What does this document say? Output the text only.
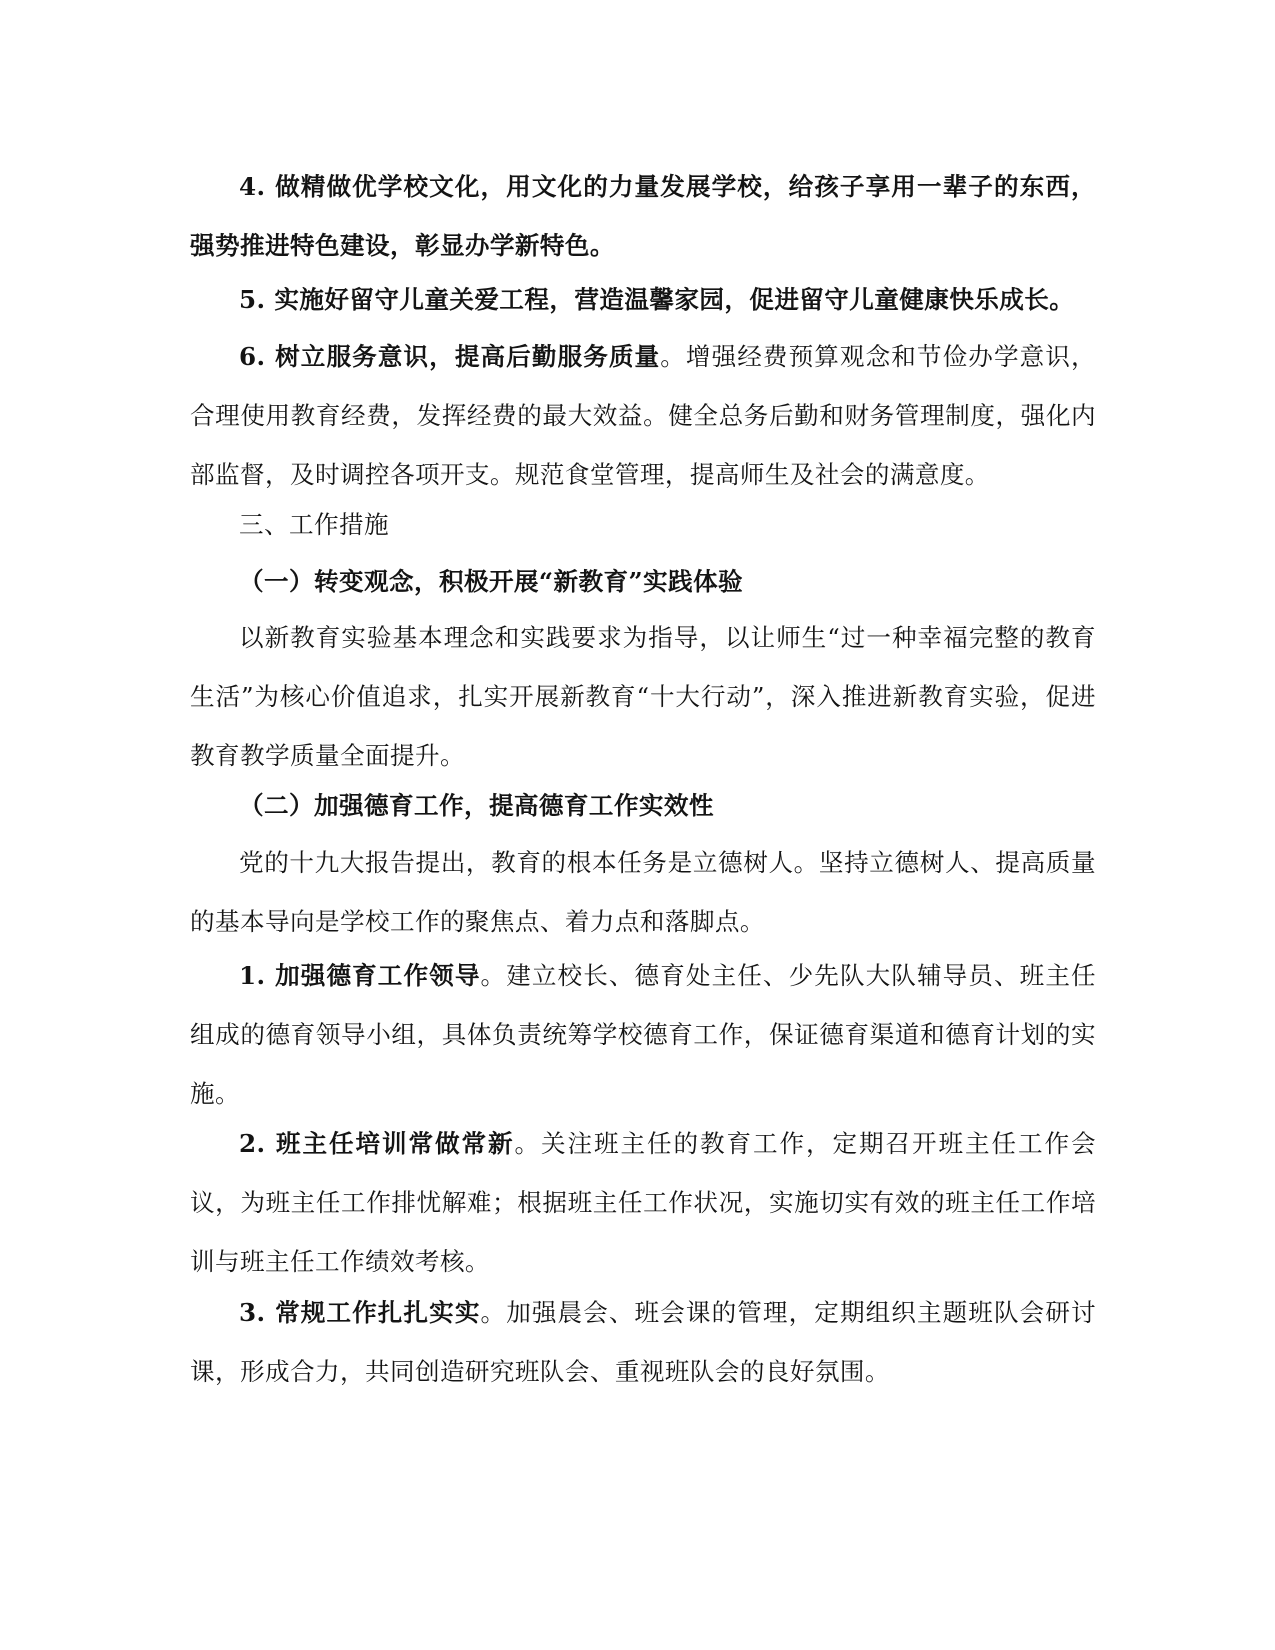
4. 做精做优学校文化，用文化的力量发展学校，给孩子享用一辈子的东西，强势推进特色建设，彰显办学新特色。

5. 实施好留守儿童关爱工程，营造温馨家园，促进留守儿童健康快乐成长。

6. 树立服务意识，提高后勤服务质量。增强经费预算观念和节俭办学意识，合理使用教育经费，发挥经费的最大效益。健全总务后勤和财务管理制度，强化内部监督，及时调控各项开支。规范食堂管理，提高师生及社会的满意度。

三、工作措施

（一）转变观念，积极开展“新教育”实践体验

以新教育实验基本理念和实践要求为指导，以让师生“过一种幸福完整的教育生活”为核心价值追求，扎实开展新教育“十大行动”，深入推进新教育实验，促进教育教学质量全面提升。

（二）加强德育工作，提高德育工作实效性

党的十九大报告提出，教育的根本任务是立德树人。坚持立德树人、提高质量的基本导向是学校工作的聚焦点、着力点和落脚点。

1. 加强德育工作领导。建立校长、德育处主任、少先队大队辅导员、班主任组成的德育领导小组，具体负责统筹学校德育工作，保证德育渠道和德育计划的实施。

2. 班主任培训常做常新。关注班主任的教育工作，定期召开班主任工作会议，为班主任工作排忧解难；根据班主任工作状况，实施切实有效的班主任工作培训与班主任工作绩效考核。

3. 常规工作扎扎实实。加强晨会、班会课的管理，定期组织主题班队会研讨课，形成合力，共同创造研究班队会、重视班队会的良好氛围。
